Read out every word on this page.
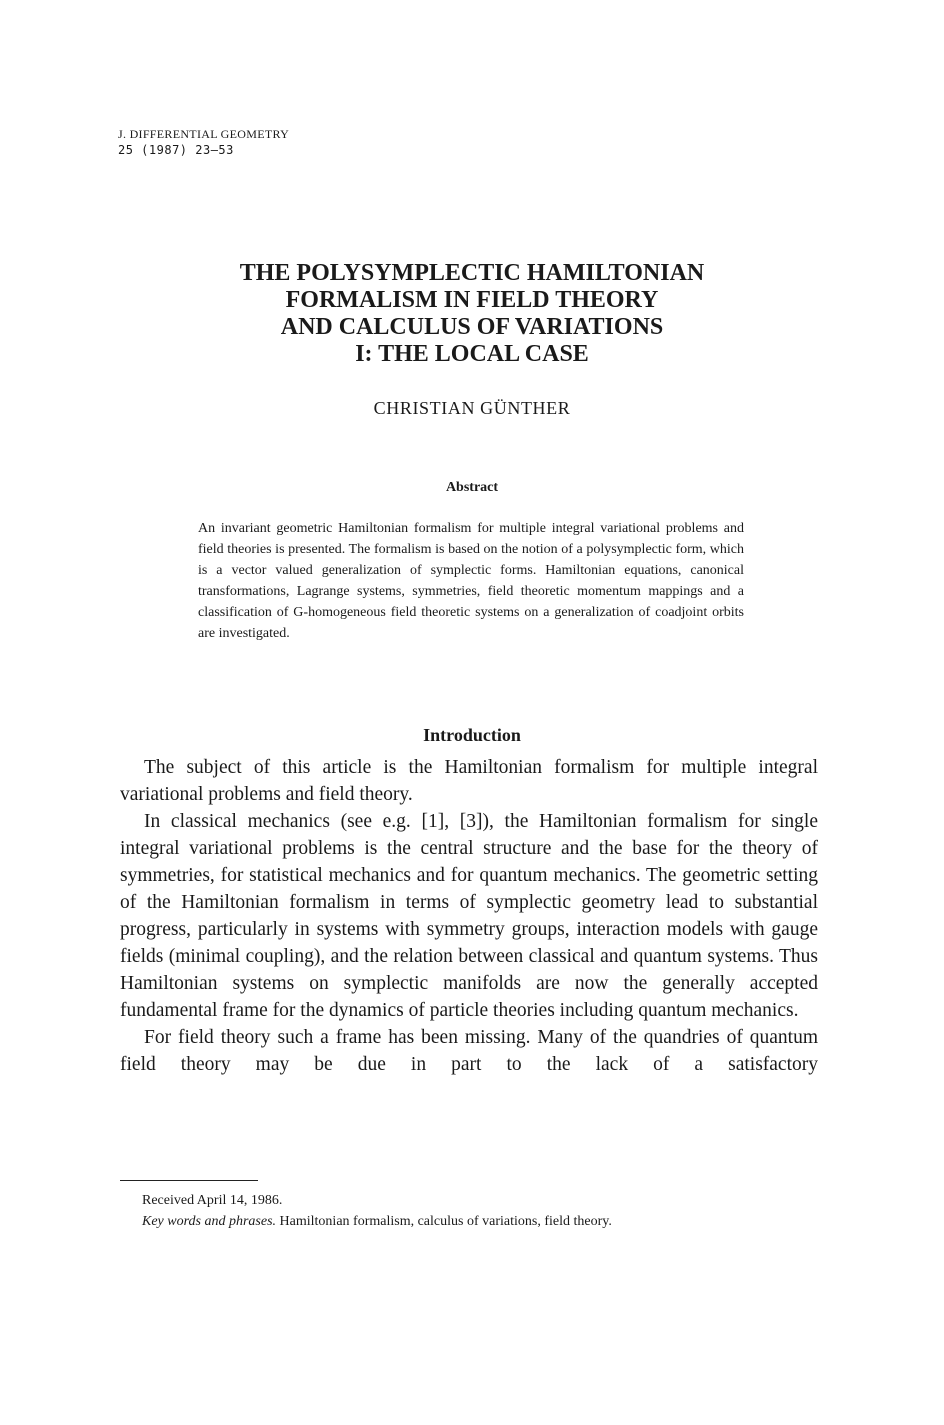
J. DIFFERENTIAL GEOMETRY
25 (1987) 23–53
THE POLYSYMPLECTIC HAMILTONIAN
FORMALISM IN FIELD THEORY
AND CALCULUS OF VARIATIONS
I: THE LOCAL CASE
CHRISTIAN GÜNTHER
Abstract
An invariant geometric Hamiltonian formalism for multiple integral variational problems and field theories is presented. The formalism is based on the notion of a polysymplectic form, which is a vector valued generalization of symplectic forms. Hamiltonian equations, canonical transformations, Lagrange systems, symmetries, field theoretic momentum mappings and a classification of G-homogeneous field theoretic systems on a generalization of coadjoint orbits are investigated.
Introduction

The subject of this article is the Hamiltonian formalism for multiple integral variational problems and field theory.

In classical mechanics (see e.g. [1], [3]), the Hamiltonian formalism for single integral variational problems is the central structure and the base for the theory of symmetries, for statistical mechanics and for quantum mechanics. The geometric setting of the Hamiltonian formalism in terms of symplectic geometry lead to substantial progress, particularly in systems with symmetry groups, interaction models with gauge fields (minimal coupling), and the relation between classical and quantum systems. Thus Hamiltonian systems on symplectic manifolds are now the generally accepted fundamental frame for the dynamics of particle theories including quantum mechanics.

For field theory such a frame has been missing. Many of the quandries of quantum field theory may be due in part to the lack of a satisfactory

Received April 14, 1986.
Key words and phrases. Hamiltonian formalism, calculus of variations, field theory.
